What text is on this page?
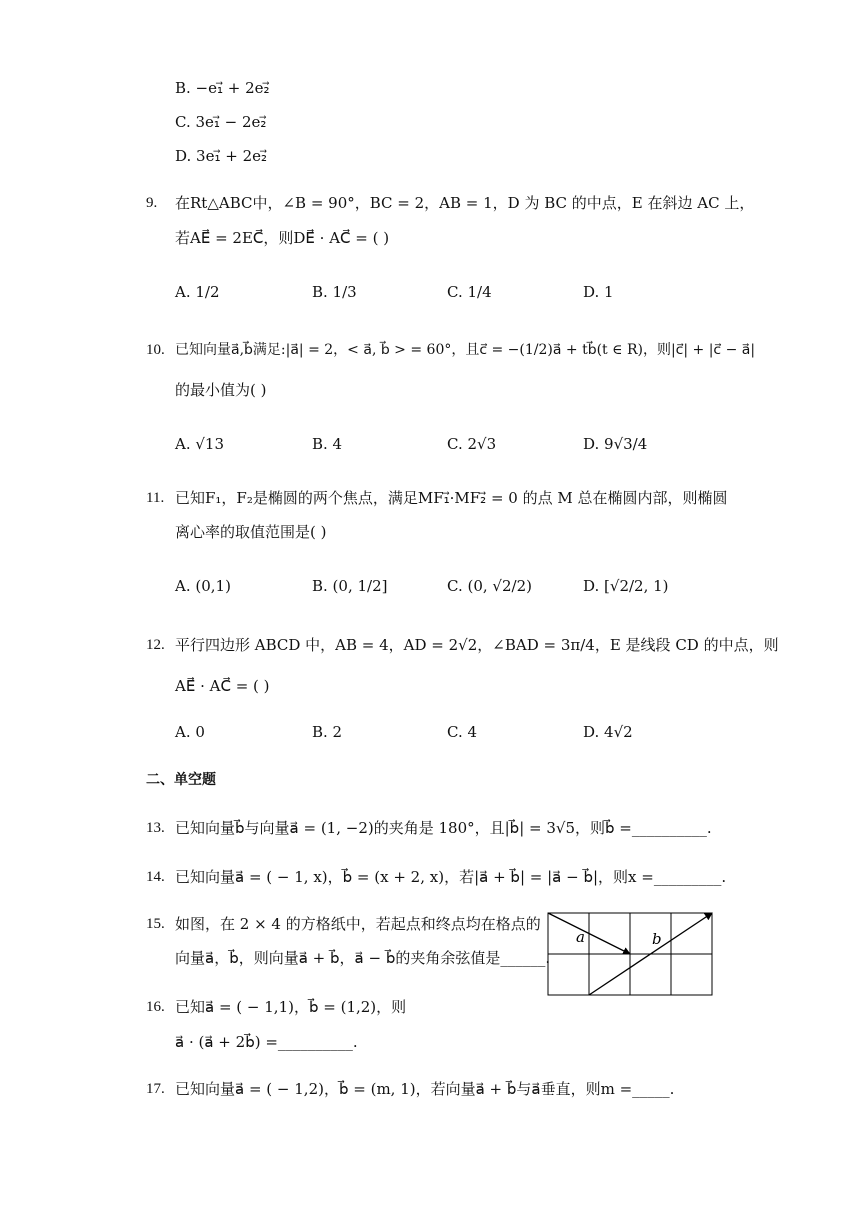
B. −e₁⃗ + 2e₂⃗
C. 3e₁⃗ − 2e₂⃗
D. 3e₁⃗ + 2e₂⃗
9. 在Rt△ABC中，∠B = 90°，BC = 2，AB = 1，D 为 BC 的中点，E 在斜边 AC 上，
若AE⃗ = 2EC⃗，则DE⃗ · AC⃗ = ( )
A. 1/2	B. 1/3	C. 1/4	D. 1
10. 已知向量a⃗,b⃗满足:|a⃗| = 2，< a⃗, b⃗ > = 60°，且c⃗ = −(1/2)a⃗ + tb⃗(t ∈ R)，则|c⃗| + |c⃗ − a⃗|
的最小值为( )
A. √13	B. 4	C. 2√3	D. 9√3/4
11. 已知F₁，F₂是椭圆的两个焦点，满足MF₁⃗·MF₂⃗ = 0 的点 M 总在椭圆内部，则椭圆
离心率的取值范围是( )
A. (0,1)	B. (0, 1/2]	C. (0, √2/2)	D. [√2/2, 1)
12. 平行四边形 ABCD 中，AB = 4，AD = 2√2，∠BAD = 3π/4，E 是线段 CD 的中点，则
AE⃗ · AC⃗ = ( )
A. 0	B. 2	C. 4	D. 4√2
二、单空题
13. 已知向量b⃗与向量a⃗ = (1, −2)的夹角是 180°，且|b⃗| = 3√5，则b⃗ =__________.
14. 已知向量a⃗ = ( − 1, x)，b⃗ = (x + 2, x)，若|a⃗ + b⃗| = |a⃗ − b⃗|，则x =_________.
15. 如图，在 2 × 4 的方格纸中，若起点和终点均在格点的
向量a⃗，b⃗，则向量a⃗ + b⃗，a⃗ − b⃗的夹角余弦值是______.
a	b
16. 已知a⃗ = ( − 1,1)，b⃗ = (1,2)，则
a⃗ · (a⃗ + 2b⃗) =__________.
17. 已知向量a⃗ = ( − 1,2)，b⃗ = (m, 1)，若向量a⃗ + b⃗与a⃗垂直，则m =_____.
